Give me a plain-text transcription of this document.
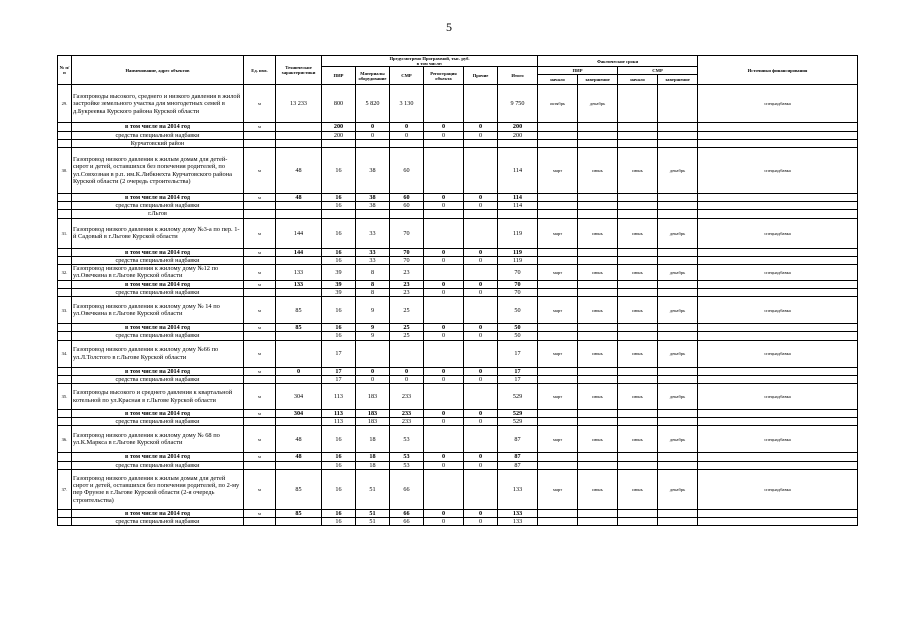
5
№ п/п	Наименование, адрес объектов	Ед. изм.	Технические характеристики	Предусмотрено Программой, тыс. руб.
в том числе:						Фактические сроки				Источники финансирования
				ПИР	Материалы оборудование	СМР	Регистрация объекта	Прочие	Итого	ПИР		СМР		
										начало	завершение	начало	завершение	
29.	Газопроводы высокого, среднего и низкого давления в жилой застройке земельного участка для многодетных семей в д.Букреевка Курского района Курской области	м	13 233	800	5 820	3 130			9 750	октябрь	декабрь			спецнадбавка
	в том числе на 2014 год	м		200	0	0	0	0	200					
	средства специальной надбавки			200	0	0	0	0	200					
	Курчатовский район													
30.	Газопровод низкого давления к жилым домам для детей-сирот и детей, оставшихся без попечения родителей, по ул.Совхозная в р.п. им.К.Либкнехта Курчатовского района Курской области (2 очередь строительства)	м	48	16	38	60			114	март	июнь	июнь	декабрь	спецнадбавка
	в том числе на 2014 год	м	48	16	38	60	0	0	114					
	средства специальной надбавки			16	38	60	0	0	114					
	г.Льгов													
31.	Газопровод низкого давления к жилому дому №3-а по пер. 1-й Садовый в г.Льгове Курской области	м	144	16	33	70			119	март	июнь	июнь	декабрь	спецнадбавка
	в том числе на 2014 год	м	144	16	33	70	0	0	119					
	средства специальной надбавки			16	33	70	0	0	119					
32.	Газопровод низкого давления к жилому дому №12 по ул.Овечкина в г.Льгове Курской области	м	133	39	8	23			70	март	июнь	июнь	декабрь	спецнадбавка
	в том числе на 2014 год	м	133	39	8	23	0	0	70					
	средства специальной надбавки			39	8	23	0	0	70					
33.	Газопровод низкого давления к жилому дому № 14 по ул.Овечкина в г.Льгове Курской области	м	85	16	9	25			50	март	июнь	июнь	декабрь	спецнадбавка
	в том числе на 2014 год	м	85	16	9	25	0	0	50					
	средства специальной надбавки			16	9	25	0	0	50					
34.	Газопровод низкого давления к жилому дому №66 по ул.Л.Толстого в г.Льгове Курской области	м		17					17	март	июнь	июнь	декабрь	спецнадбавка
	в том числе на 2014 год	м	0	17	0	0	0	0	17					
	средства специальной надбавки			17	0	0	0	0	17					
35.	Газопроводы высокого и среднего давления к квартальной котельной по ул.Красная в г.Льгове Курской области	м	304	113	183	233			529	март	июнь	июнь	декабрь	спецнадбавка
	в том числе на 2014 год	м	304	113	183	233	0	0	529					
	средства специальной надбавки			113	183	233	0	0	529					
36.	Газопровод низкого давления к жилому дому № 68 по ул.К.Маркса в г.Льгове Курской области	м	48	16	18	53			87	март	июнь	июнь	декабрь	спецнадбавка
	в том числе на 2014 год	м	48	16	18	53	0	0	87					
	средства специальной надбавки			16	18	53	0	0	87					
37.	Газопровод низкого давления к жилым домам для детей сирот и детей, оставшихся без попечения родителей, по 2-му пер Фрунзе в г.Льгове Курской области (2-я очередь строительства)	м	85	16	51	66			133	март	июнь	июнь	декабрь	спецнадбавка
	в том числе на 2014 год	м	85	16	51	66	0	0	133					
	средства специальной надбавки			16	51	66	0	0	133					
